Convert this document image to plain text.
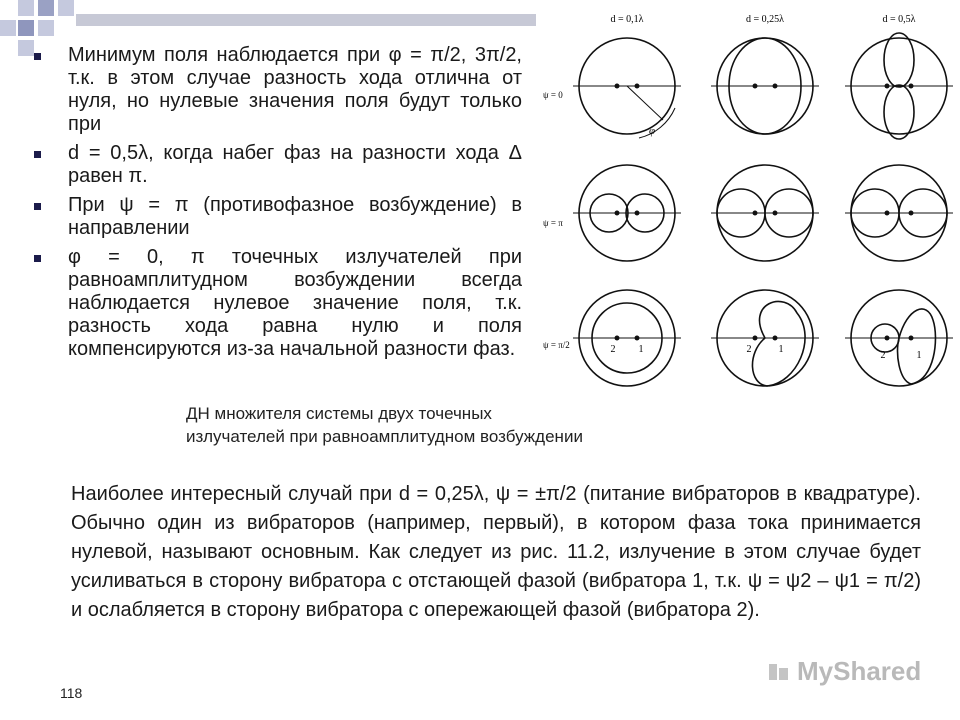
Минимум поля наблюдается при φ = π/2, 3π/2, т.к. в этом случае разность хода отлична от нуля, но нулевые значения поля будут только при
d = 0,5λ, когда набег фаз на разности хода Δ равен π.
При ψ = π (противофазное возбуждение) в направлении
φ = 0, π точечных излучателей при равноамплитудном возбуждении всегда наблюдается нулевое значение поля, т.к. разность хода равна нулю и поля компенсируются из-за начальной разности фаз.
d = 0,1λ	d = 0,25λ	d = 0,5λ
ψ = 0
ψ = π
ψ = π/2
φ
2 1	2	1
2	1
ДН множителя системы двух точечных излучателей при равноамплитудном возбуждении
Наиболее интересный случай при d = 0,25λ, ψ = ±π/2 (питание вибраторов в квадратуре). Обычно один из вибраторов (например, первый), в котором фаза тока принимается нулевой, называют основным. Как следует из рис. 11.2, излучение в этом случае будет усиливаться в сторону вибратора с отстающей фазой (вибратора 1, т.к. ψ = ψ2 – ψ1 = π/2) и ослабляется в сторону вибратора с опережающей фазой (вибратора 2).
118
MyShared
